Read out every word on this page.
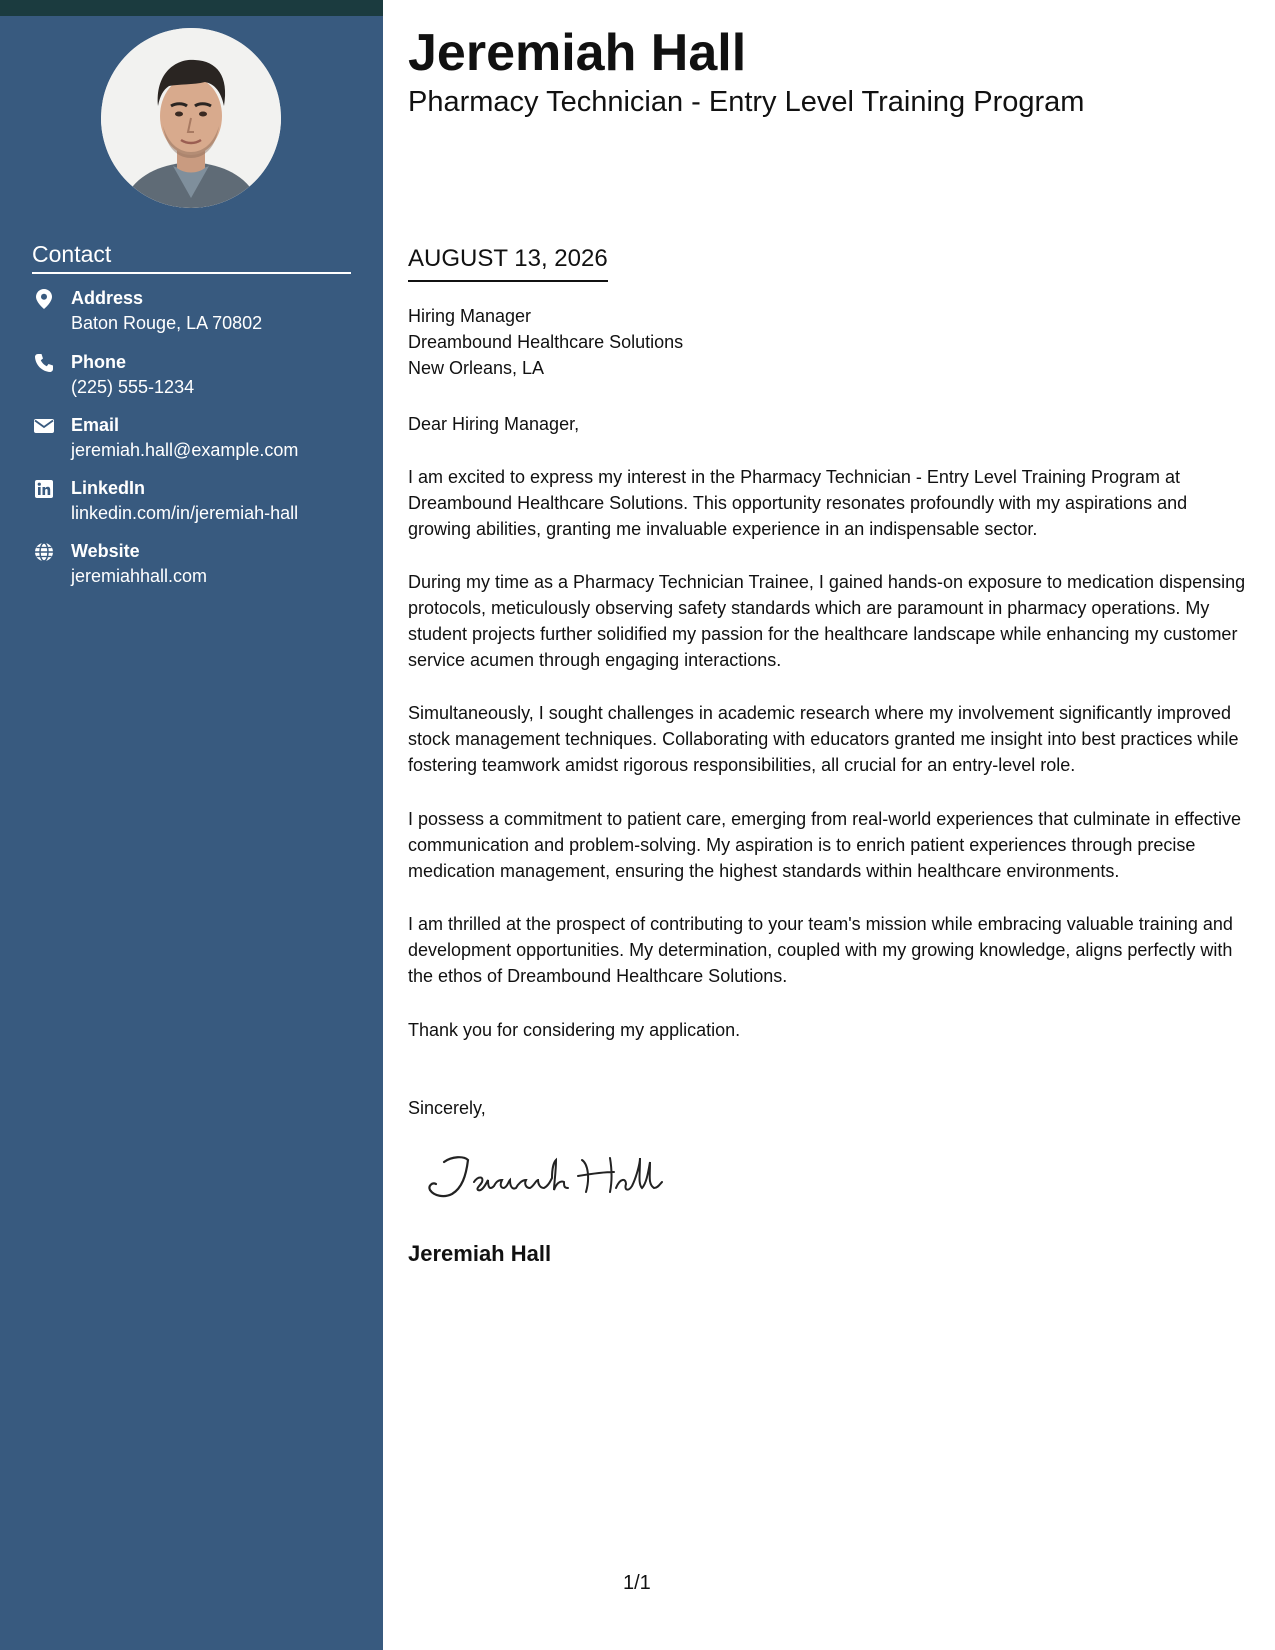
Contact
Address
Baton Rouge, LA 70802
Phone
(225) 555-1234
Email
jeremiah.hall@example.com
LinkedIn
linkedin.com/in/jeremiah-hall
Website
jeremiahhall.com
Jeremiah Hall
Pharmacy Technician - Entry Level Training Program
AUGUST 13, 2026
Hiring Manager
Dreambound Healthcare Solutions
New Orleans, LA
Dear Hiring Manager,

I am excited to express my interest in the Pharmacy Technician - Entry Level Training Program at Dreambound Healthcare Solutions. This opportunity resonates profoundly with my aspirations and growing abilities, granting me invaluable experience in an indispensable sector.

During my time as a Pharmacy Technician Trainee, I gained hands-on exposure to medication dispensing protocols, meticulously observing safety standards which are paramount in pharmacy operations. My student projects further solidified my passion for the healthcare landscape while enhancing my customer service acumen through engaging interactions.

Simultaneously, I sought challenges in academic research where my involvement significantly improved stock management techniques. Collaborating with educators granted me insight into best practices while fostering teamwork amidst rigorous responsibilities, all crucial for an entry-level role.

I possess a commitment to patient care, emerging from real-world experiences that culminate in effective communication and problem-solving. My aspiration is to enrich patient experiences through precise medication management, ensuring the highest standards within healthcare environments.

I am thrilled at the prospect of contributing to your team's mission while embracing valuable training and development opportunities. My determination, coupled with my growing knowledge, aligns perfectly with the ethos of Dreambound Healthcare Solutions.

Thank you for considering my application.

Sincerely,
Jeremiah Hall
1/1
